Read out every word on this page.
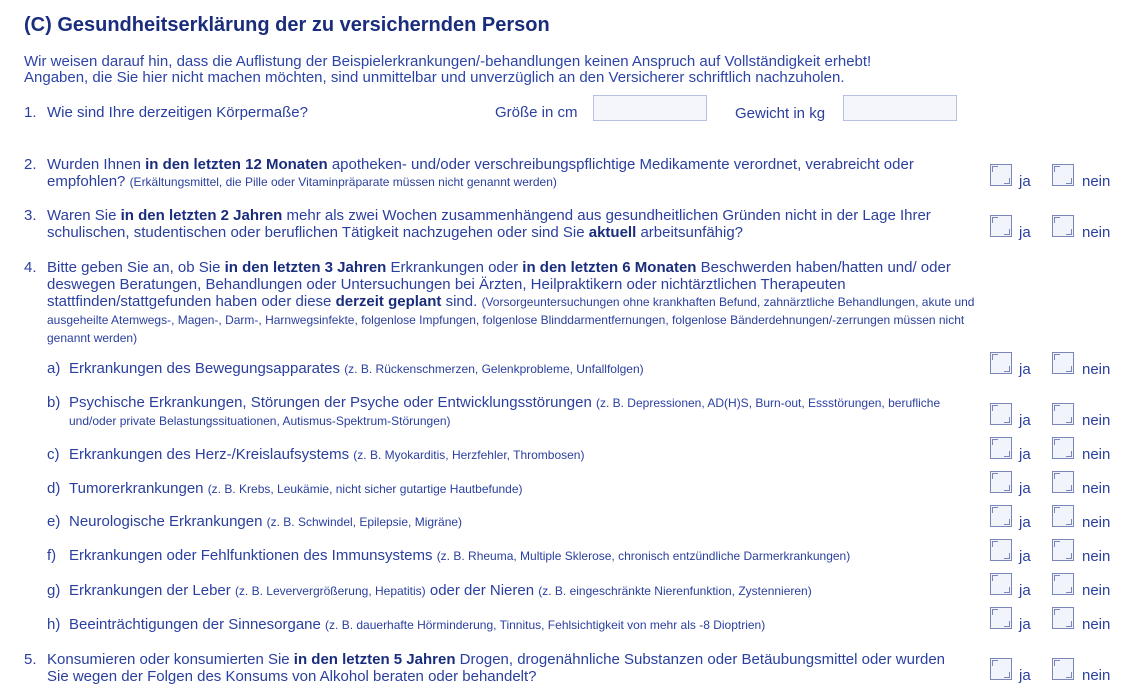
(C) Gesundheitserklärung der zu versichernden Person
Wir weisen darauf hin, dass die Auflistung der Beispielerkrankungen/-behandlungen keinen Anspruch auf Vollständigkeit erhebt!
Angaben, die Sie hier nicht machen möchten, sind unmittelbar und unverzüglich an den Versicherer schriftlich nachzuholen.
1. Wie sind Ihre derzeitigen Körpermaße?	Größe in cm	Gewicht in kg
2. Wurden Ihnen in den letzten 12 Monaten apotheken- und/oder verschreibungspflichtige Medikamente verordnet, verabreicht oder empfohlen? (Erkältungsmittel, die Pille oder Vitaminpräparate müssen nicht genannt werden)	ja	nein
3. Waren Sie in den letzten 2 Jahren mehr als zwei Wochen zusammenhängend aus gesundheitlichen Gründen nicht in der Lage Ihrer schulischen, studentischen oder beruflichen Tätigkeit nachzugehen oder sind Sie aktuell arbeitsunfähig?	ja	nein
4. Bitte geben Sie an, ob Sie in den letzten 3 Jahren Erkrankungen oder in den letzten 6 Monaten Beschwerden haben/hatten und/ oder deswegen Beratungen, Behandlungen oder Untersuchungen bei Ärzten, Heilpraktikern oder nichtärztlichen Therapeuten stattfinden/stattgefunden haben oder diese derzeit geplant sind. (Vorsorgeuntersuchungen ohne krankhaften Befund, zahnärztliche Behandlungen, akute und ausgeheilte Atemwegs-, Magen-, Darm-, Harnwegsinfekte, folgenlose Impfungen, folgenlose Blinddarmentfernungen, folgenlose Bänderdehnungen/-zerrungen müssen nicht genannt werden)
a) Erkrankungen des Bewegungsapparates (z. B. Rückenschmerzen, Gelenkprobleme, Unfallfolgen)	ja	nein
b) Psychische Erkrankungen, Störungen der Psyche oder Entwicklungsstörungen (z. B. Depressionen, AD(H)S, Burn-out, Essstörungen, berufliche und/oder private Belastungssituationen, Autismus-Spektrum-Störungen)	ja	nein
c) Erkrankungen des Herz-/Kreislaufsystems (z. B. Myokarditis, Herzfehler, Thrombosen)	ja	nein
d) Tumorerkrankungen (z. B. Krebs, Leukämie, nicht sicher gutartige Hautbefunde)	ja	nein
e) Neurologische Erkrankungen (z. B. Schwindel, Epilepsie, Migräne)	ja	nein
f) Erkrankungen oder Fehlfunktionen des Immunsystems (z. B. Rheuma, Multiple Sklerose, chronisch entzündliche Darmerkrankungen)	ja	nein
g) Erkrankungen der Leber (z. B. Leververgrößerung, Hepatitis) oder der Nieren (z. B. eingeschränkte Nierenfunktion, Zystennieren)	ja	nein
h) Beeinträchtigungen der Sinnesorgane (z. B. dauerhafte Hörminderung, Tinnitus, Fehlsichtigkeit von mehr als -8 Dioptrien)	ja	nein
5. Konsumieren oder konsumierten Sie in den letzten 5 Jahren Drogen, drogenähnliche Substanzen oder Betäubungsmittel oder wurden Sie wegen der Folgen des Konsums von Alkohol beraten oder behandelt?	ja	nein
